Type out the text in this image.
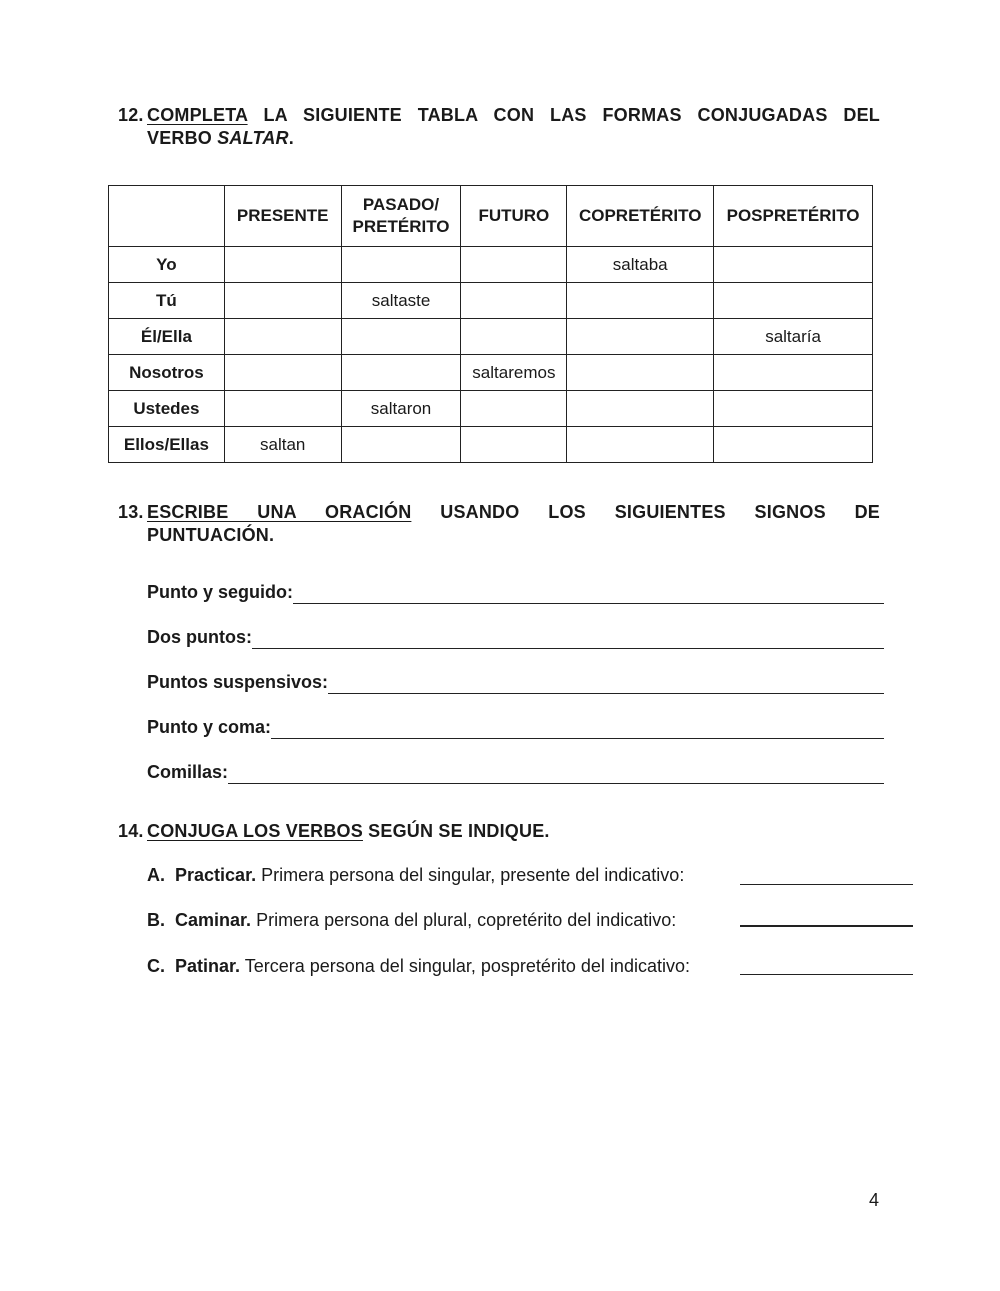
12. COMPLETA LA SIGUIENTE TABLA CON LAS FORMAS CONJUGADAS DEL
VERBO SALTAR.
	PRESENTE	PASADO/
PRETÉRITO	FUTURO	COPRETÉRITO	POSPRETÉRITO
Yo				saltaba	
Tú		saltaste			
Él/Ella					saltaría
Nosotros			saltaremos		
Ustedes		saltaron			
Ellos/Ellas	saltan				
13. ESCRIBE UNA ORACIÓN USANDO LOS SIGUIENTES SIGNOS DE
PUNTUACIÓN.
Punto y seguido:
Dos puntos:
Puntos suspensivos:
Punto y coma:
Comillas:
14. CONJUGA LOS VERBOS SEGÚN SE INDIQUE.
A. Practicar. Primera persona del singular, presente del indicativo:
B. Caminar. Primera persona del plural, copretérito del indicativo:
C. Patinar. Tercera persona del singular, pospretérito del indicativo:
4
